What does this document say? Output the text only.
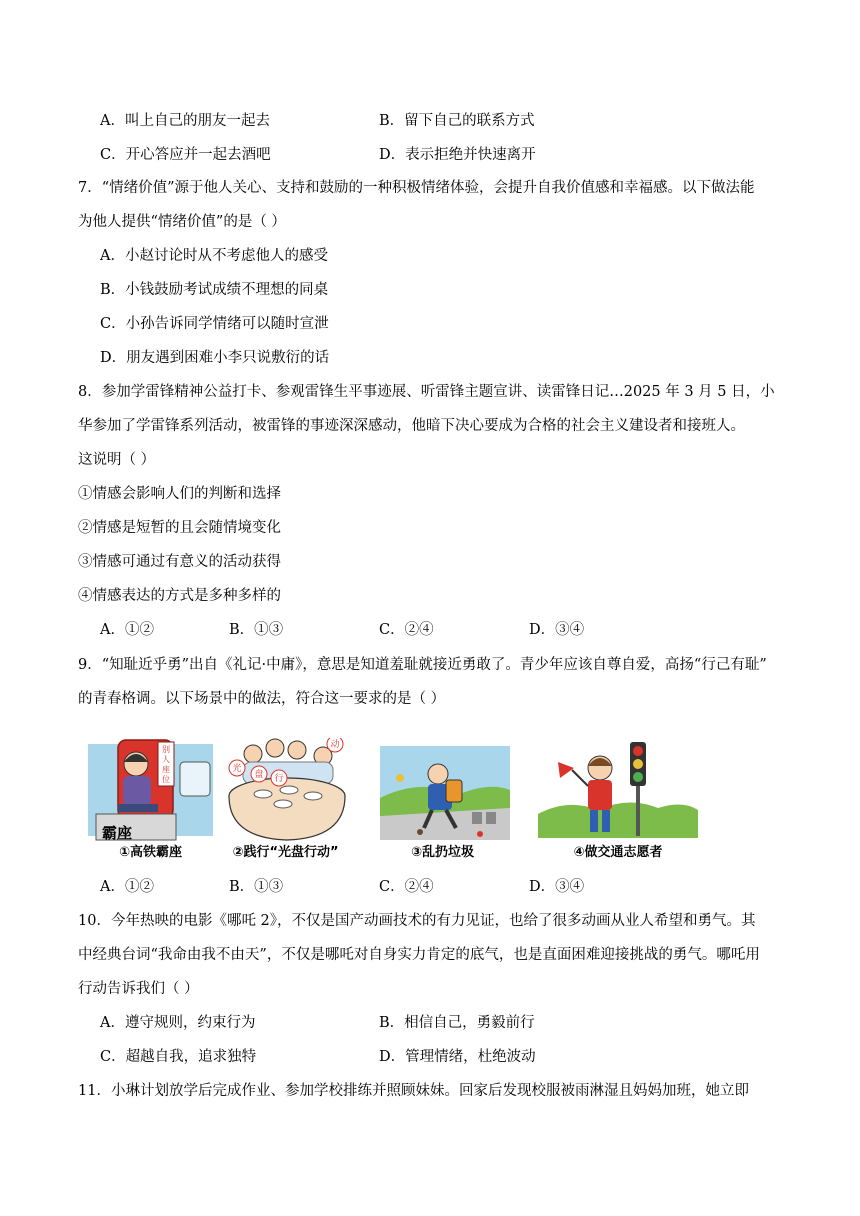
A．叫上自己的朋友一起去	B．留下自己的联系方式
C．开心答应并一起去酒吧	D．表示拒绝并快速离开
7．“情绪价值”源于他人关心、支持和鼓励的一种积极情绪体验，会提升自我价值感和幸福感。以下做法能
为他人提供“情绪价值”的是（ ）
A．小赵讨论时从不考虑他人的感受
B．小钱鼓励考试成绩不理想的同桌
C．小孙告诉同学情绪可以随时宣泄
D．朋友遇到困难小李只说敷衍的话
8．参加学雷锋精神公益打卡、参观雷锋生平事迹展、听雷锋主题宣讲、读雷锋日记…2025 年 3 月 5 日，小
华参加了学雷锋系列活动，被雷锋的事迹深深感动，他暗下决心要成为合格的社会主义建设者和接班人。
这说明（ ）
①情感会影响人们的判断和选择
②情感是短暂的且会随情境变化
③情感可通过有意义的活动获得
④情感表达的方式是多种多样的
A．①②	B．①③	C．②④	D．③④
9．“知耻近乎勇”出自《礼记·中庸》，意思是知道羞耻就接近勇敢了。青少年应该自尊自爱，高扬“行己有耻”
的青春格调。以下场景中的做法，符合这一要求的是（ ）
别
人
座
位
霸座
①高铁霸座
光
盘 行
动
②践行“光盘行动”	③乱扔垃圾	④做交通志愿者
A．①②	B．①③	C．②④	D．③④
10．今年热映的电影《哪吒 2》，不仅是国产动画技术的有力见证，也给了很多动画从业人希望和勇气。其
中经典台词“我命由我不由天”，不仅是哪吒对自身实力肯定的底气，也是直面困难迎接挑战的勇气。哪吒用
行动告诉我们（ ）
A．遵守规则，约束行为	B．相信自己，勇毅前行
C．超越自我，追求独特	D．管理情绪，杜绝波动
11．小琳计划放学后完成作业、参加学校排练并照顾妹妹。回家后发现校服被雨淋湿且妈妈加班，她立即
